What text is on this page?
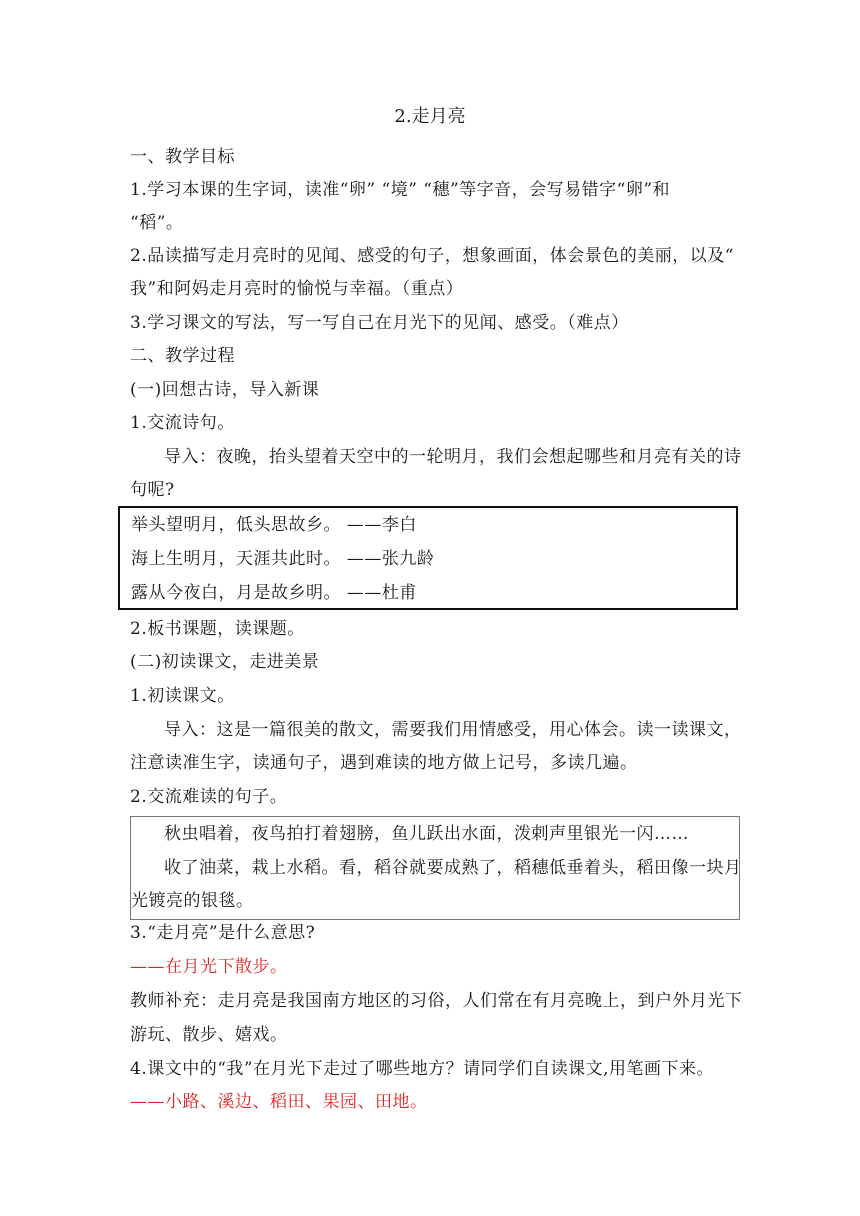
2.走月亮
一、教学目标
1.学习本课的生字词，读准“卵” “境” “穗”等字音，会写易错字“卵”和
“稻”。
2.品读描写走月亮时的见闻、感受的句子，想象画面，体会景色的美丽，以及“
我”和阿妈走月亮时的愉悦与幸福。（重点）
3.学习课文的写法，写一写自己在月光下的见闻、感受。（难点）
二、教学过程
(一)回想古诗，导入新课
1.交流诗句。
导入：夜晚，抬头望着天空中的一轮明月，我们会想起哪些和月亮有关的诗
句呢?
举头望明月，低头思故乡。 ——李白
海上生明月，天涯共此时。 ——张九龄
露从今夜白，月是故乡明。 ——杜甫
2.板书课题，读课题。
(二)初读课文，走进美景
1.初读课文。
导入：这是一篇很美的散文，需要我们用情感受，用心体会。读一读课文，
注意读准生字，读通句子，遇到难读的地方做上记号，多读几遍。
2.交流难读的句子。
秋虫唱着，夜鸟拍打着翅膀，鱼儿跃出水面，泼剌声里银光一闪……
收了油菜，栽上水稻。看，稻谷就要成熟了，稻穗低垂着头，稻田像一块月
光镀亮的银毯。
3.“走月亮”是什么意思?
——在月光下散步。
教师补充：走月亮是我国南方地区的习俗，人们常在有月亮晚上，到户外月光下
游玩、散步、嬉戏。
4.课文中的“我”在月光下走过了哪些地方？请同学们自读课文,用笔画下来。
——小路、溪边、稻田、果园、田地。
